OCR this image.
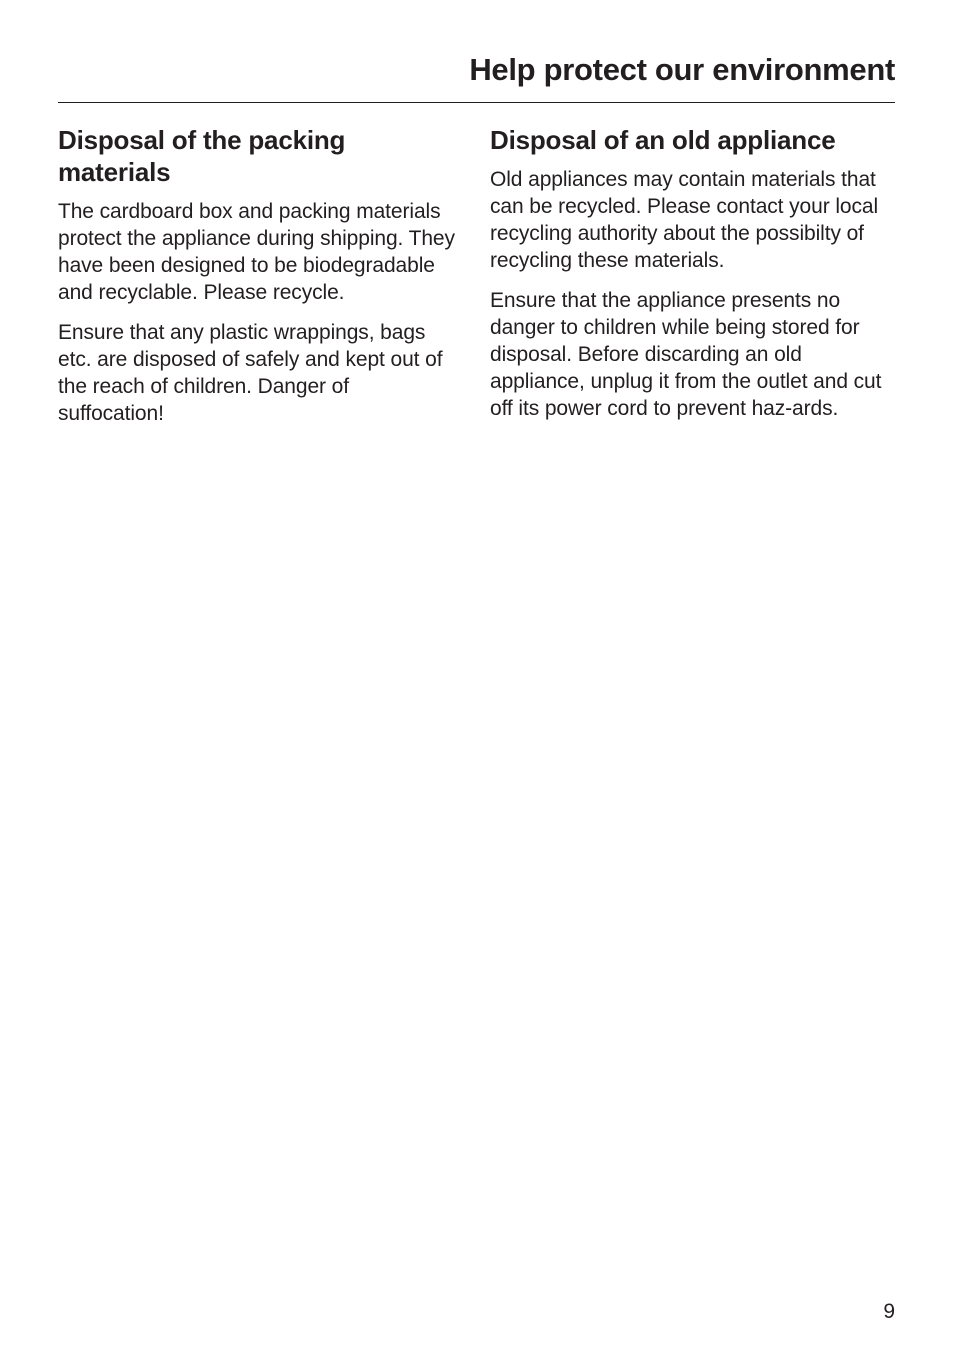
Help protect our environment
Disposal of the packing materials

The cardboard box and packing materials protect the appliance during shipping. They have been designed to be biodegradable and recyclable. Please recycle.

Ensure that any plastic wrappings, bags etc. are disposed of safely and kept out of the reach of children. Danger of suffocation!

Disposal of an old appliance

Old appliances may contain materials that can be recycled. Please contact your local recycling authority about the possibilty of recycling these materials.

Ensure that the appliance presents no danger to children while being stored for disposal. Before discarding an old appliance, unplug it from the outlet and cut off its power cord to prevent haz-ards.

9
